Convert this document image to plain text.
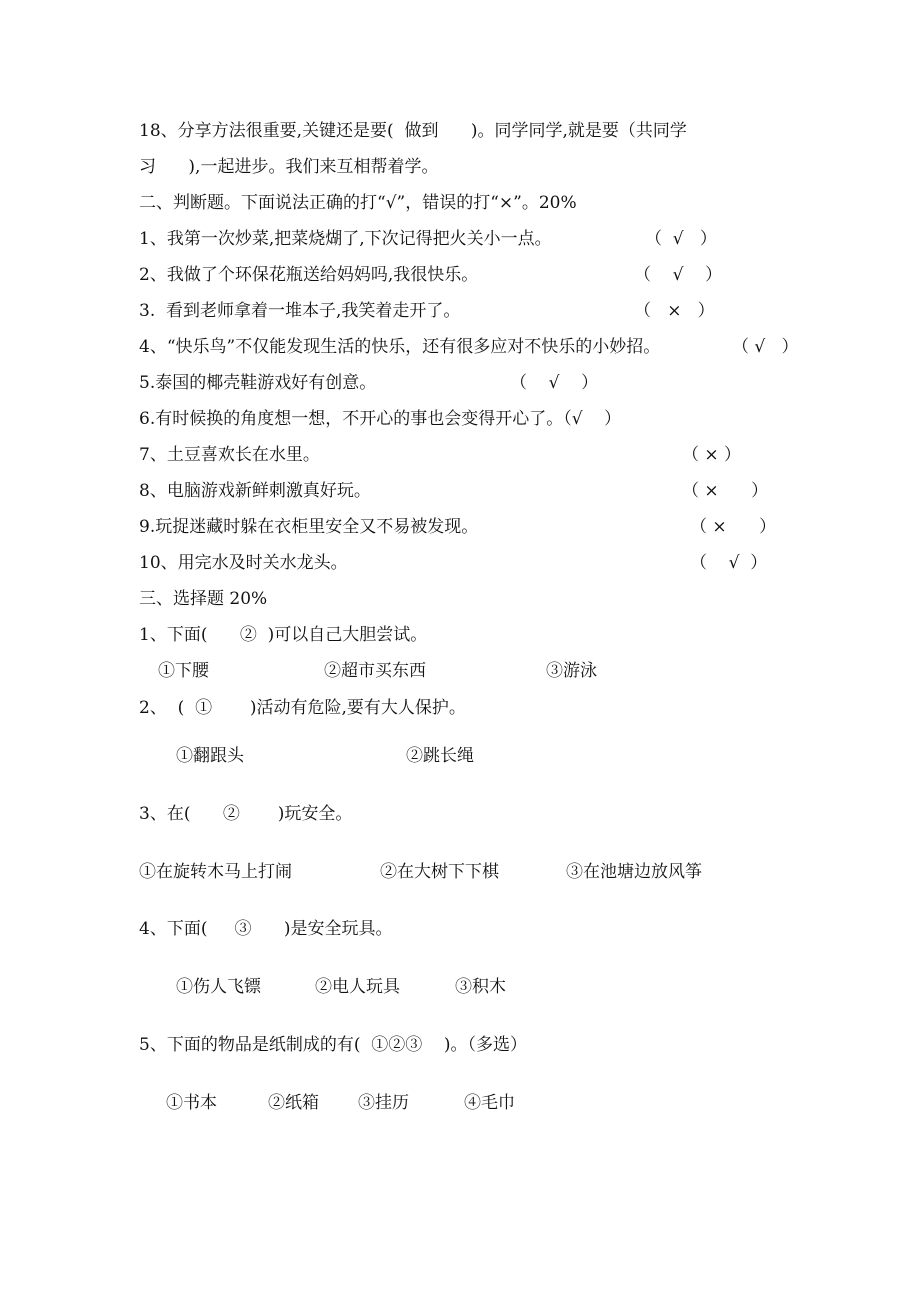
18、分享方法很重要,关键还是要(  做到      )。同学同学,就是要（共同学
习      ),一起进步。我们来互相帮着学。
二、判断题。下面说法正确的打“√”，错误的打“×”。20%
1、我第一次炒菜,把菜烧煳了,下次记得把火关小一点。	（  √   ）
2、我做了个环保花瓶送给妈妈吗,我很快乐。	（    √    ）
3.  看到老师拿着一堆本子,我笑着走开了。	（   ×   ）
4、“快乐鸟”不仅能发现生活的快乐，还有很多应对不快乐的小妙招。	（ √   ）
5.泰国的椰壳鞋游戏好有创意。	（    √    ）
6.有时候换的角度想一想，不开心的事也会变得开心了。（√    ）
7、土豆喜欢长在水里。	（ × ）
8、电脑游戏新鲜刺激真好玩。	（ ×      ）
9.玩捉迷藏时躲在衣柜里安全又不易被发现。	（ ×      ）
10、用完水及时关水龙头。	（    √  ）
三、选择题 20%
1、下面(      ②  )可以自己大胆尝试。
①下腰	②超市买东西	③游泳
2、  (  ①       )活动有危险,要有大人保护。
①翻跟头	②跳长绳
3、在(      ②       )玩安全。
①在旋转木马上打闹	②在大树下下棋	③在池塘边放风筝
4、下面(     ③      )是安全玩具。
①伤人飞镖	②电人玩具	③积木
5、下面的物品是纸制成的有(  ①②③    )。（多选）
①书本	②纸箱 ③挂历	④毛巾
